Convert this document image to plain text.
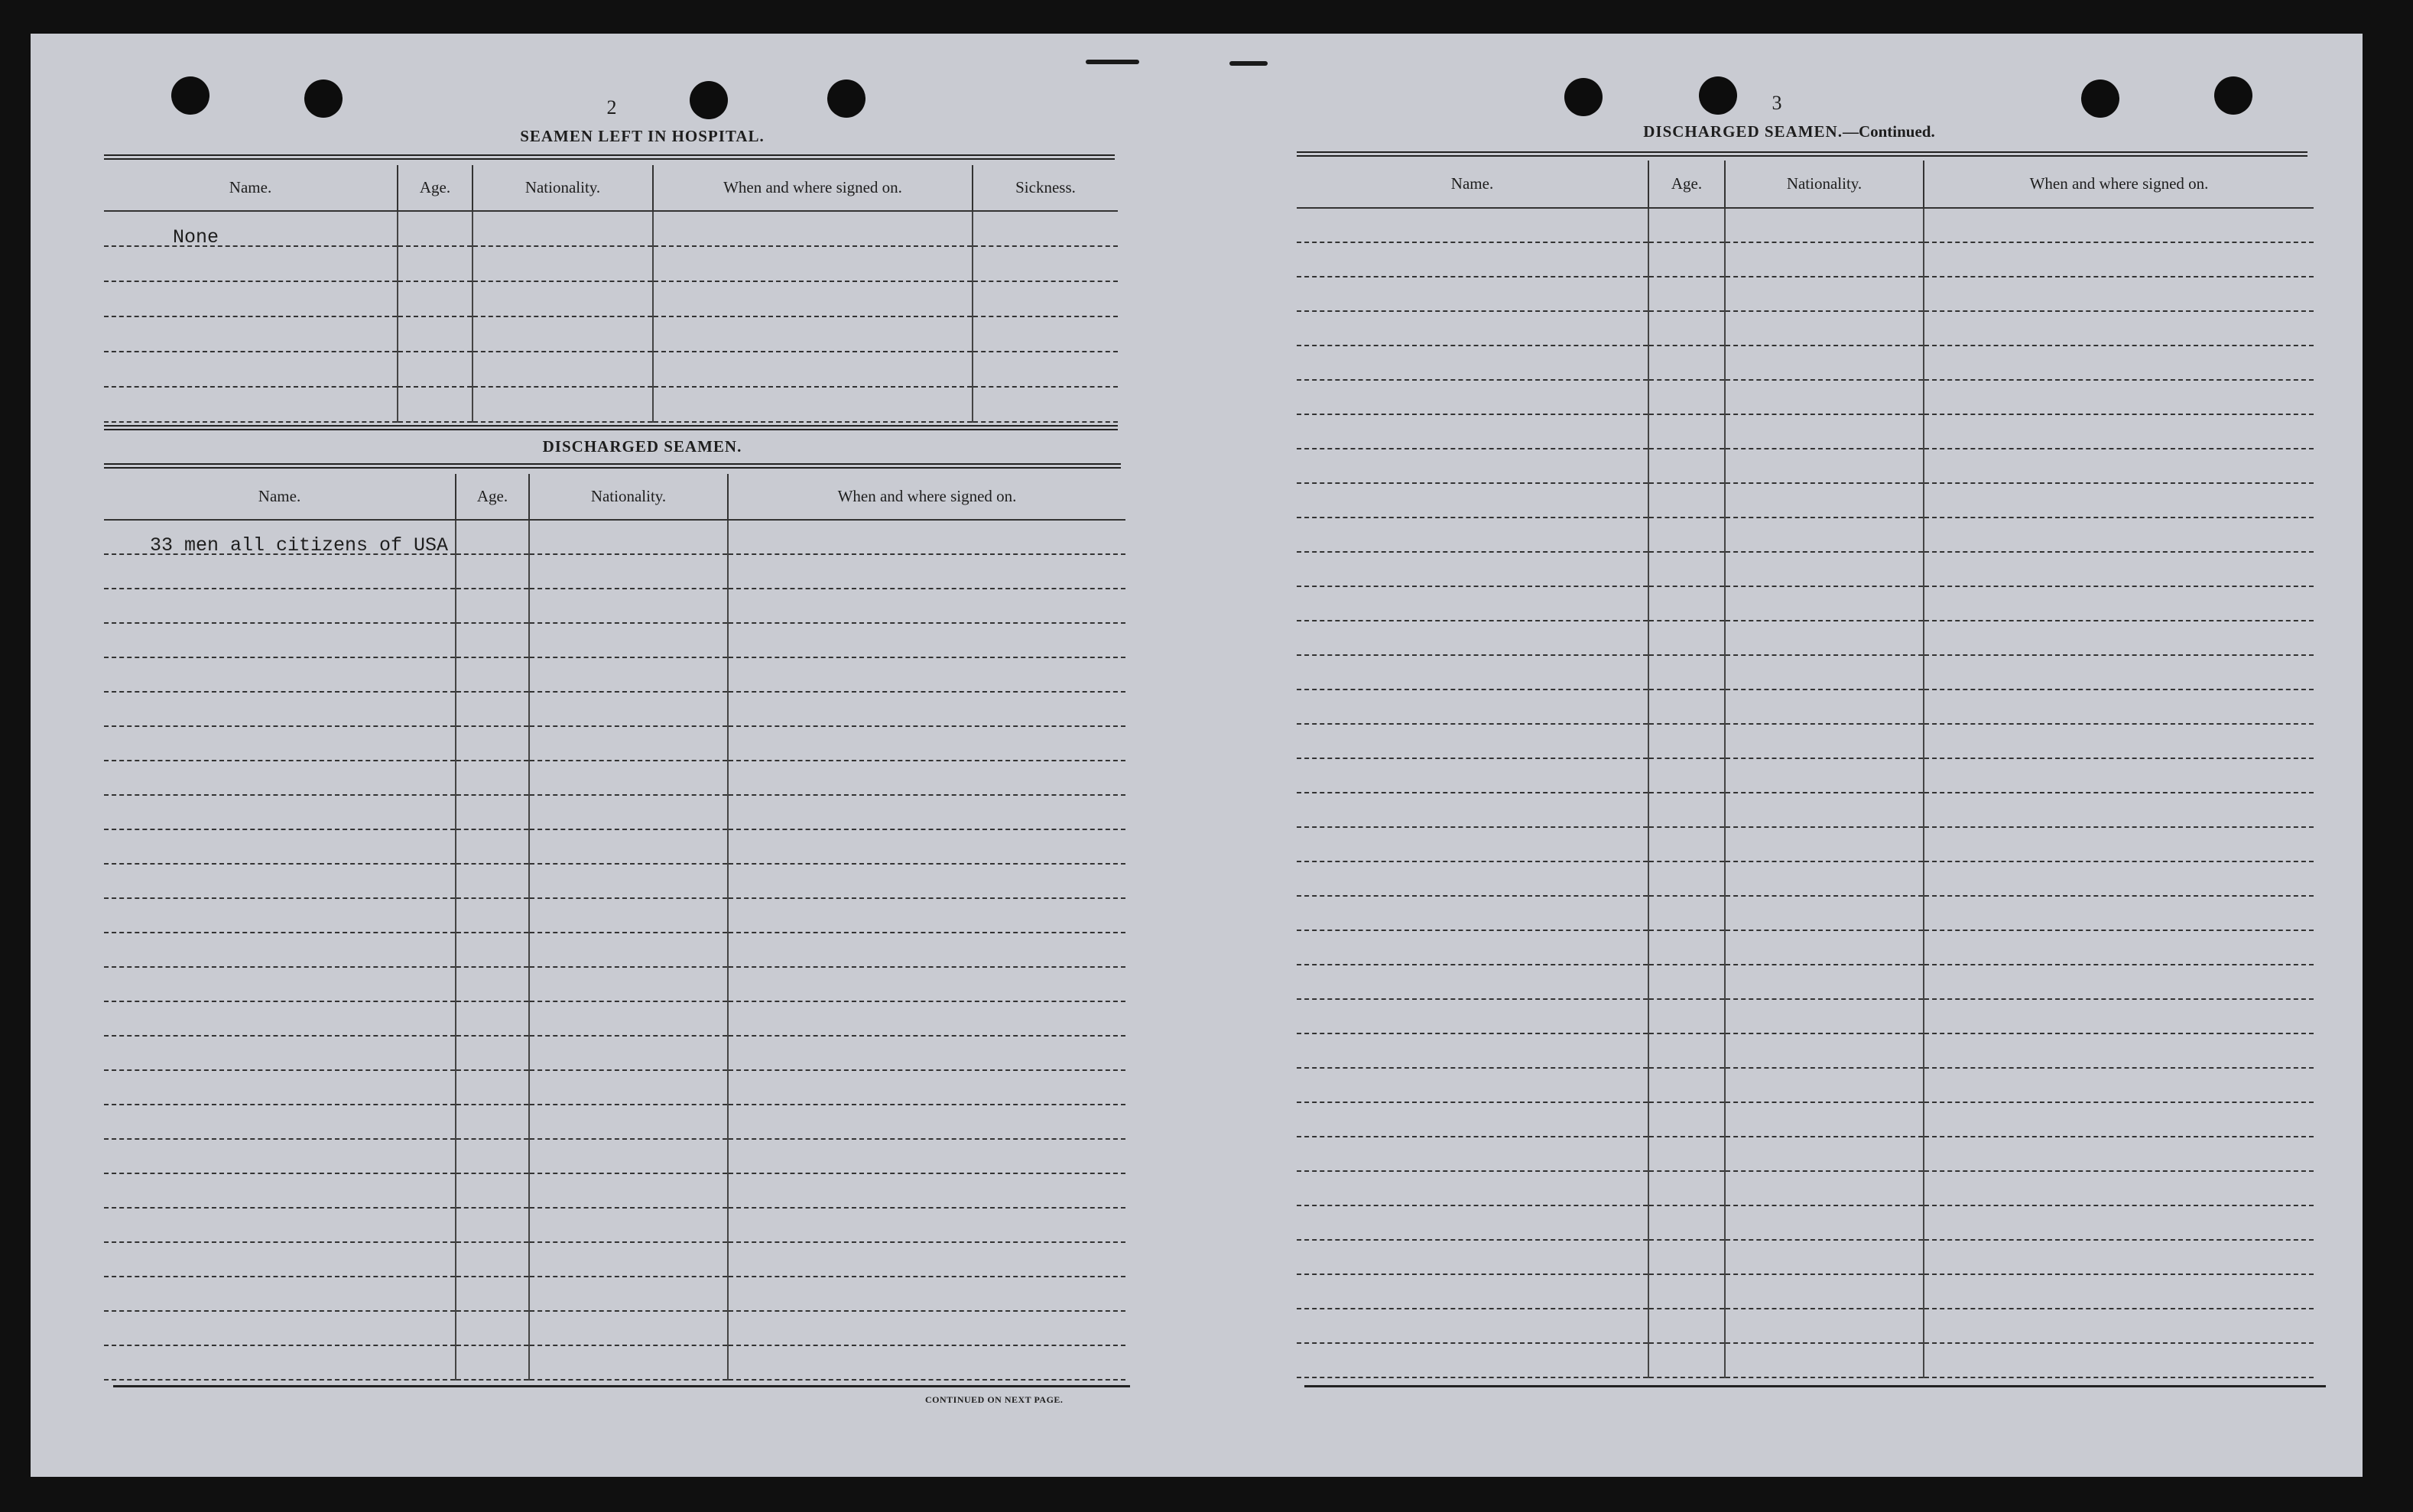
2
SEAMEN LEFT IN HOSPITAL.
Name.	Age.	Nationality.	When and where signed on.	Sickness.
None				

DISCHARGED SEAMEN.
Name.	Age.	Nationality.	When and where signed on.
33 men all citizens of USA			

CONTINUED ON NEXT PAGE.
3
DISCHARGED SEAMEN.—Continued.
Name.	Age.	Nationality.	When and where signed on.
